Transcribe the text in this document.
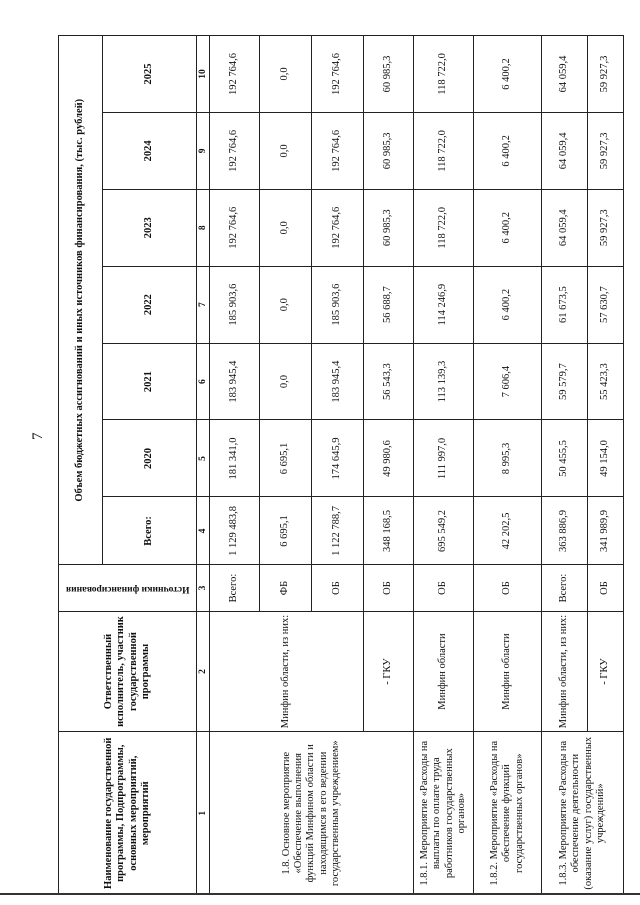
7
Наименование государственной программы, Подпрограммы, основных мероприятий, мероприятий	Ответственный исполнитель, участник государственной программы	Источники финансирования	Объем бюджетных ассигнований и иных источников финансирования, (тыс. рублей)						
			Всего:	2020	2021	2022	2023	2024	2025
1	2	3	4	5	6	7	8	9	10
1.8. Основное мероприятие «Обеспечение выполнения функций Минфином области и находящимся в его ведении государственным учреждением»	Минфин области, из них:	Всего:	1 129 483,8	181 341,0	183 945,4	185 903,6	192 764,6	192 764,6	192 764,6
		ФБ	6 695,1	6 695,1	0,0	0,0	0,0	0,0	0,0
		ОБ	1 122 788,7	174 645,9	183 945,4	185 903,6	192 764,6	192 764,6	192 764,6
	- ГКУ	ОБ	348 168,5	49 980,6	56 543,3	56 688,7	60 985,3	60 985,3	60 985,3
1.8.1. Мероприятие «Расходы на выплаты по оплате труда работников государственных органов»	Минфин области	ОБ	695 549,2	111 997,0	113 139,3	114 246,9	118 722,0	118 722,0	118 722,0
1.8.2. Мероприятие «Расходы на обеспечение функций государственных органов»	Минфин области	ОБ	42 202,5	8 995,3	7 606,4	6 400,2	6 400,2	6 400,2	6 400,2
1.8.3. Мероприятие «Расходы на обеспечение деятельности (оказание услуг) государственных учреждений»	Минфин области, из них:	Всего:	363 886,9	50 455,5	59 579,7	61 673,5	64 059,4	64 059,4	64 059,4
	- ГКУ	ОБ	341 989,9	49 154,0	55 423,3	57 630,7	59 927,3	59 927,3	59 927,3
